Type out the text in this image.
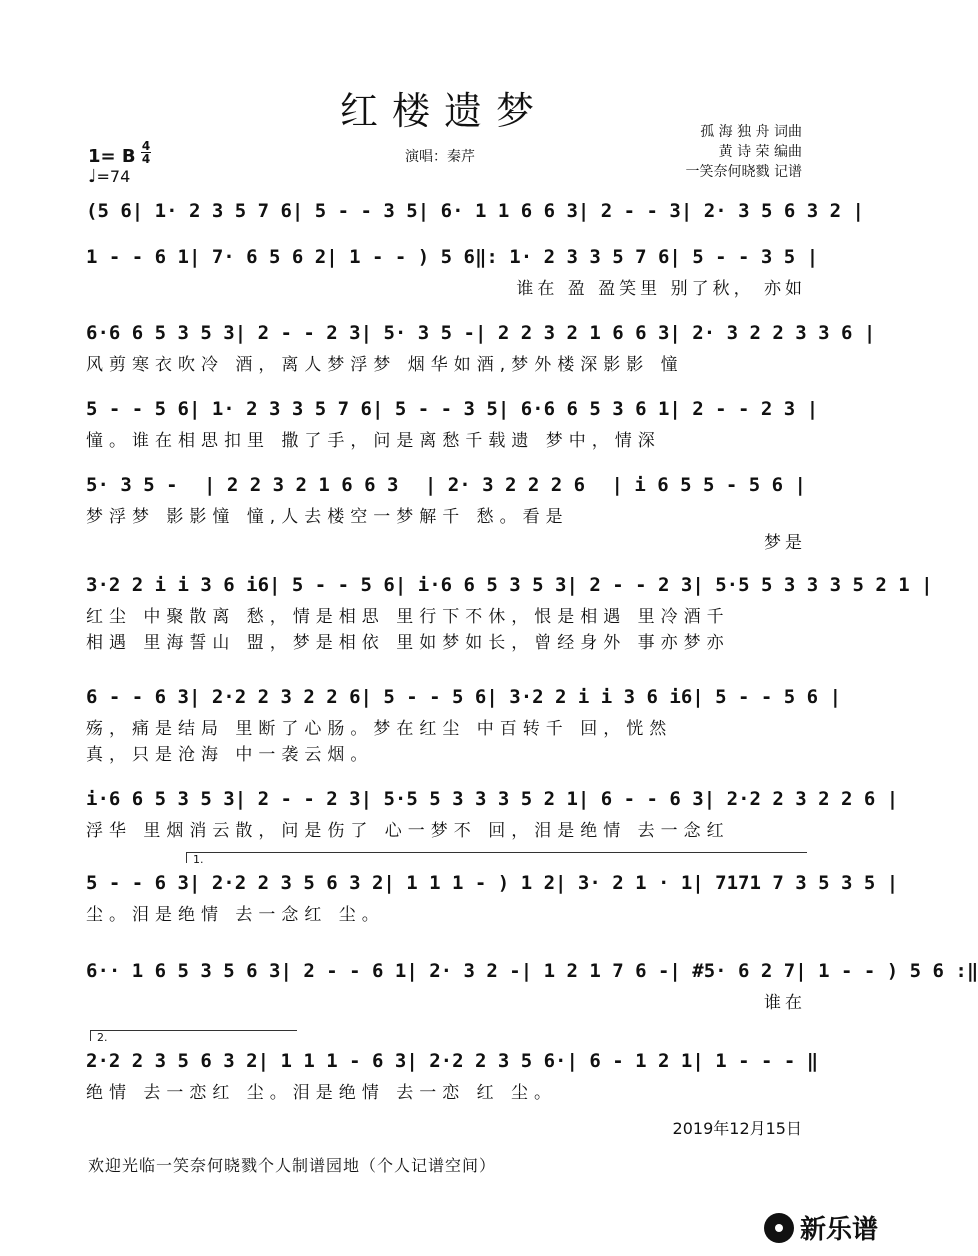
红楼遗梦	孤 海 独 舟 词曲
黄 诗 荣 编曲
一笑奈何晓戮 记谱
1= B 4
4
♩=74
演唱：秦芹
(5 6 | 1· 2 3 5 7 6 | 5 - - 3 5 | 6· 1 1 6 6 3 | 2 - - 3 | 2· 3 5 6 3 2 |
1 - - 6 1 | 7· 6 5 6 2 | 1 - - ) 5 6 ‖: 1· 2 3 3 5 7 6 | 5 - - 3 5 |
谁在 盈 盈笑里 别了秋， 亦如
6·6 6 5 3 5 3 | 2 - - 2 3 | 5· 3 5 - | 2 2 3 2 1 6 6 3 | 2· 3 2 2 3 3 6 |
风剪寒衣吹冷 酒，离人梦浮梦 烟华如酒,梦外楼深影影 憧
5 - - 5 6 | 1· 2 3 3 5 7 6 | 5 - - 3 5 | 6·6 6 5 3 6 1 | 2 - - 2 3 |
憧。谁在相思扣里 撒了手，问是离愁千载遗 梦中，情深
5· 3 5 - | 2 2 3 2 1 6 6 3 | 2· 3 2 2 2 6 | i 6 5 5 - 5 6 |
梦浮梦 影影憧 憧,人去楼空一梦解千 愁。看是
梦是
3·2 2 i i 3 6 i6 | 5 - - 5 6 | i·6 6 5 3 5 3 | 2 - - 2 3 | 5·5 5 3 3 3 5 2 1 |
红尘 中聚散离 愁，情是相思 里行下不休，恨是相遇 里冷酒千
相遇 里海誓山 盟，梦是相依 里如梦如长，曾经身外 事亦梦亦
6 - - 6 3 | 2·2 2 3 2 2 6 | 5 - - 5 6 | 3·2 2 i i 3 6 i6 | 5 - - 5 6 |
殇，痛是结局 里断了心肠。梦在红尘 中百转千 回，恍然
真，只是沧海 中一袭云烟。
i·6 6 5 3 5 3 | 2 - - 2 3 | 5·5 5 3 3 3 5 2 1 | 6 - - 6 3 | 2·2 2 3 2 2 6 |
浮华 里烟消云散，问是伤了 心一梦不 回，泪是绝情 去一念红
1.
5 - - 6 3 | 2·2 2 3 5 6 3 2 | 1 1 1 - ) 1 2 | 3· 2 1 · 1 | 7171 7 3 5 3 5 |
尘。泪是绝情 去一念红 尘。
6·· 1 6 5 3 5 6 3 | 2 - - 6 1 | 2· 3 2 - | 1 2 1 7 6 - | #5· 6 2 7 | 1 - - ) 5 6 :‖
谁在
2.
2·2 2 3 5 6 3 2 | 1 1 1 - 6 3 | 2·2 2 3 5 6· | 6 - 1 2 1 | 1 - - - ‖
绝情 去一恋红 尘。泪是绝情 去一恋 红 尘。
2019年12月15日
欢迎光临一笑奈何晓戮个人制谱园地（个人记谱空间）
新乐谱
